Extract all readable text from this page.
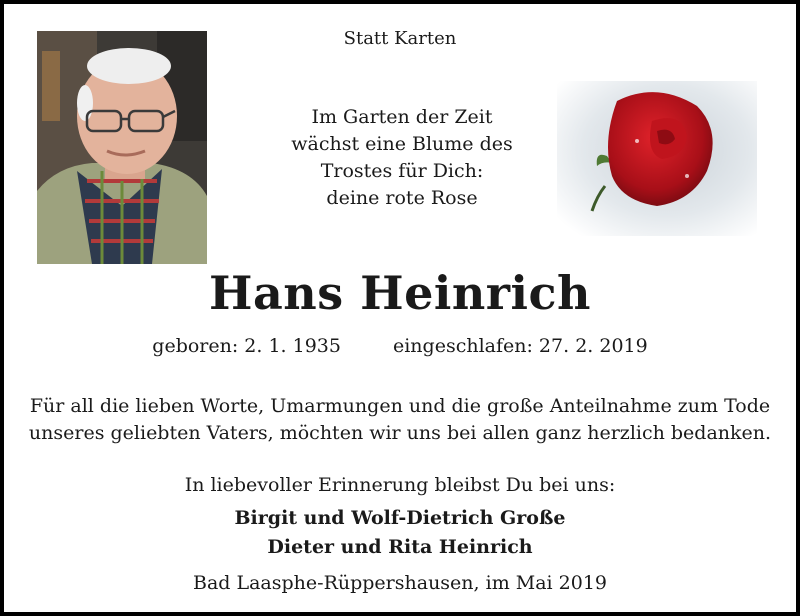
Statt Karten
Im Garten der Zeit
wächst eine Blume des
Trostes für Dich:
deine rote Rose
Hans Heinrich
geboren: 2. 1. 1935	eingeschlafen: 27. 2. 2019
Für all die lieben Worte, Umarmungen und die große Anteilnahme zum Tode
unseres geliebten Vaters, möchten wir uns bei allen ganz herzlich bedanken.
In liebevoller Erinnerung bleibst Du bei uns:
Birgit und Wolf-Dietrich Große
Dieter und Rita Heinrich
Bad Laasphe-Rüppershausen, im Mai 2019
